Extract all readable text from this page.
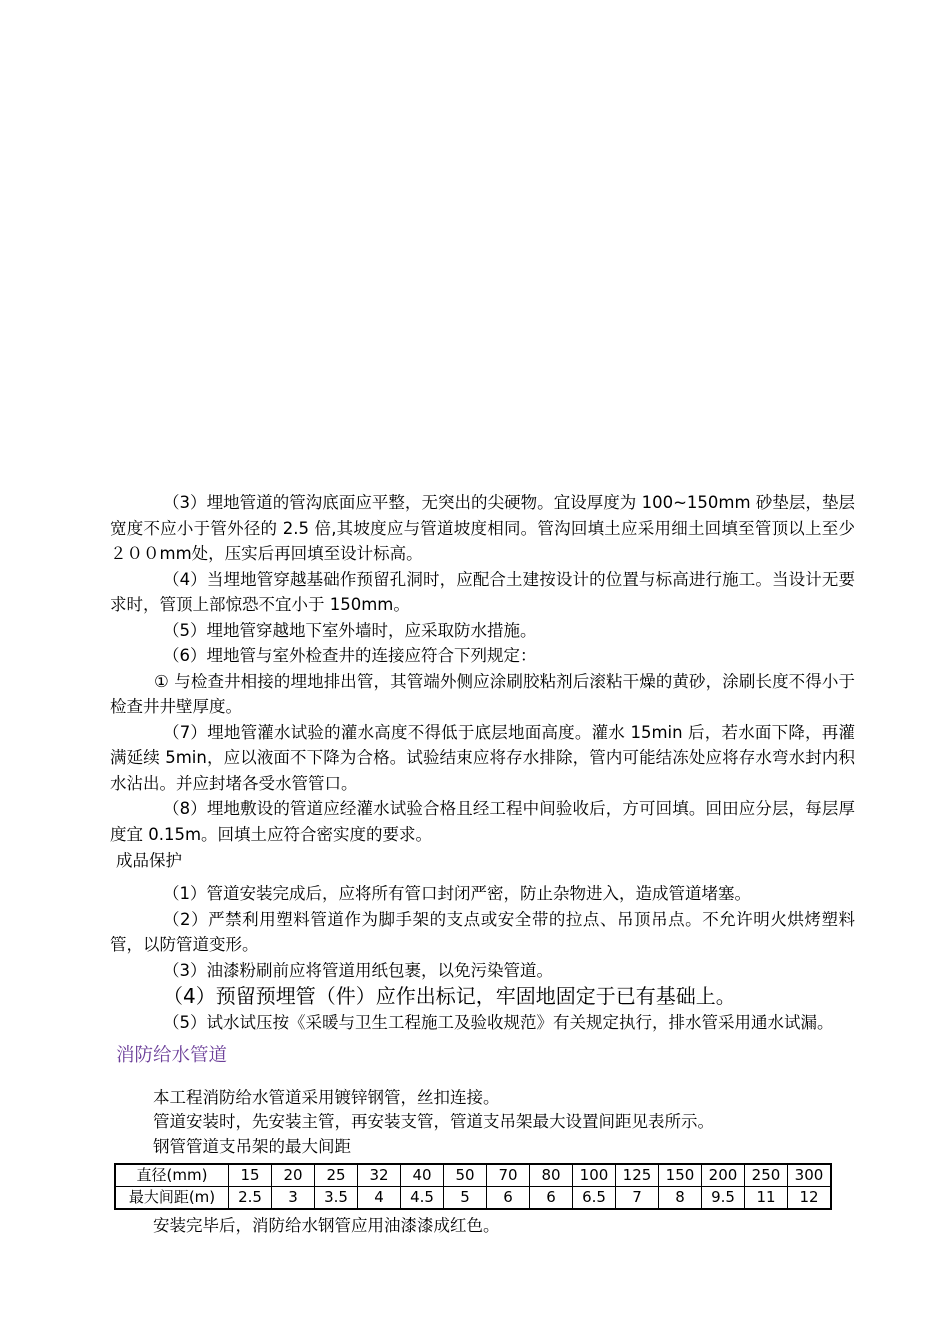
（3）埋地管道的管沟底面应平整，无突出的尖硬物。宜设厚度为 100~150mm 砂垫层，垫层宽度不应小于管外径的 2.5 倍,其坡度应与管道坡度相同。管沟回填土应采用细土回填至管顶以上至少２００mm处，压实后再回填至设计标高。

（4）当埋地管穿越基础作预留孔洞时，应配合土建按设计的位置与标高进行施工。当设计无要求时，管顶上部惊恐不宜小于 150mm。

（5）埋地管穿越地下室外墙时，应采取防水措施。

（6）埋地管与室外检查井的连接应符合下列规定：

① 与检查井相接的埋地排出管，其管端外侧应涂刷胶粘剂后滚粘干燥的黄砂，涂刷长度不得小于检查井井壁厚度。

（7）埋地管灌水试验的灌水高度不得低于底层地面高度。灌水 15min 后，若水面下降，再灌满延续 5min，应以液面不下降为合格。试验结束应将存水排除，管内可能结冻处应将存水弯水封内积水沾出。并应封堵各受水管管口。

（8）埋地敷设的管道应经灌水试验合格且经工程中间验收后，方可回填。回田应分层，每层厚度宜 0.15m。回填土应符合密实度的要求。

成品保护

（1）管道安装完成后，应将所有管口封闭严密，防止杂物进入，造成管道堵塞。

（2）严禁利用塑料管道作为脚手架的支点或安全带的拉点、吊顶吊点。不允许明火烘烤塑料管，以防管道变形。

（3）油漆粉刷前应将管道用纸包裹，以免污染管道。

（4）预留预埋管（件）应作出标记，牢固地固定于已有基础上。

（5）试水试压按《采暖与卫生工程施工及验收规范》有关规定执行，排水管采用通水试漏。

消防给水管道

本工程消防给水管道采用镀锌钢管，丝扣连接。

管道安装时，先安装主管，再安装支管，管道支吊架最大设置间距见表所示。

钢管管道支吊架的最大间距

直径(mm)	15	20	25	32	40	50	70	80	100	125	150	200	250	300
最大间距(m)	2.5	3	3.5	4	4.5	5	6	6	6.5	7	8	9.5	11	12

安装完毕后，消防给水钢管应用油漆漆成红色。
